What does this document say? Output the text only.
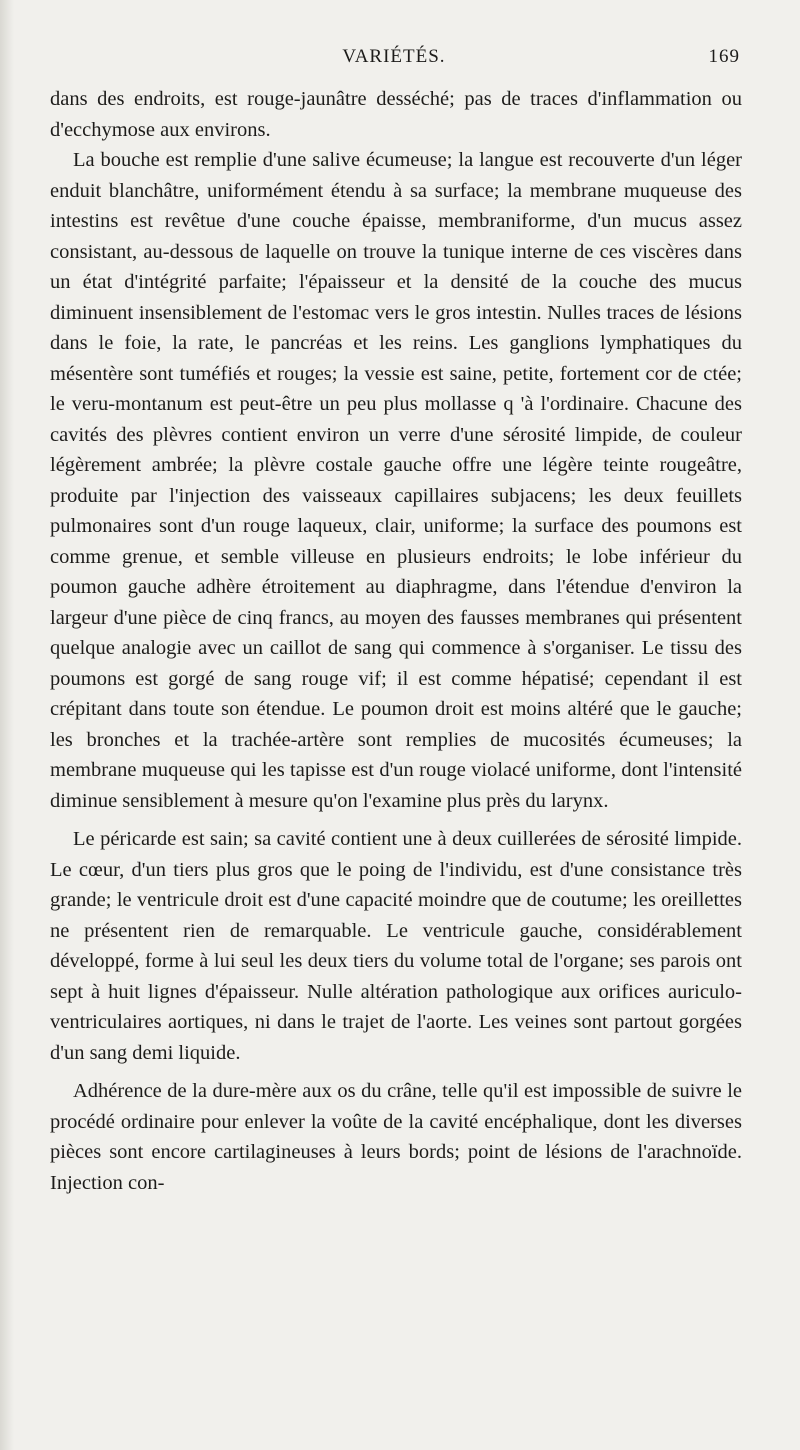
VARIÉTÉS.	169

dans des endroits, est rouge-jaunâtre desséché; pas de traces d'inflammation ou d'ecchymose aux environs.

La bouche est remplie d'une salive écumeuse; la langue est recouverte d'un léger enduit blanchâtre, uniformément étendu à sa surface; la membrane muqueuse des intestins est revêtue d'une couche épaisse, membraniforme, d'un mucus assez consistant, au-dessous de laquelle on trouve la tunique interne de ces viscères dans un état d'intégrité parfaite; l'épaisseur et la densité de la couche des mucus diminuent insensiblement de l'estomac vers le gros intestin. Nulles traces de lésions dans le foie, la rate, le pancréas et les reins. Les ganglions lymphatiques du mésentère sont tuméfiés et rouges; la vessie est saine, petite, fortement cor de ctée; le veru-montanum est peut-être un peu plus mollasse q 'à l'ordinaire. Chacune des cavités des plèvres contient environ un verre d'une sérosité limpide, de couleur légèrement ambrée; la plèvre costale gauche offre une légère teinte rougeâtre, produite par l'injection des vaisseaux capillaires subjacens; les deux feuillets pulmonaires sont d'un rouge laqueux, clair, uniforme; la surface des poumons est comme grenue, et semble villeuse en plusieurs endroits; le lobe inférieur du poumon gauche adhère étroitement au diaphragme, dans l'étendue d'environ la largeur d'une pièce de cinq francs, au moyen des fausses membranes qui présentent quelque analogie avec un caillot de sang qui commence à s'organiser. Le tissu des poumons est gorgé de sang rouge vif; il est comme hépatisé; cependant il est crépitant dans toute son étendue. Le poumon droit est moins altéré que le gauche; les bronches et la trachée-artère sont remplies de mucosités écumeuses; la membrane muqueuse qui les tapisse est d'un rouge violacé uniforme, dont l'intensité diminue sensiblement à mesure qu'on l'examine plus près du larynx.

Le péricarde est sain; sa cavité contient une à deux cuillerées de sérosité limpide. Le cœur, d'un tiers plus gros que le poing de l'individu, est d'une consistance très grande; le ventricule droit est d'une capacité moindre que de coutume; les oreillettes ne présentent rien de remarquable. Le ventricule gauche, considérablement développé, forme à lui seul les deux tiers du volume total de l'organe; ses parois ont sept à huit lignes d'épaisseur. Nulle altération pathologique aux orifices auriculo-ventriculaires aortiques, ni dans le trajet de l'aorte. Les veines sont partout gorgées d'un sang demi liquide.

Adhérence de la dure-mère aux os du crâne, telle qu'il est impossible de suivre le procédé ordinaire pour enlever la voûte de la cavité encéphalique, dont les diverses pièces sont encore cartilagineuses à leurs bords; point de lésions de l'arachnoïde. Injection con-
